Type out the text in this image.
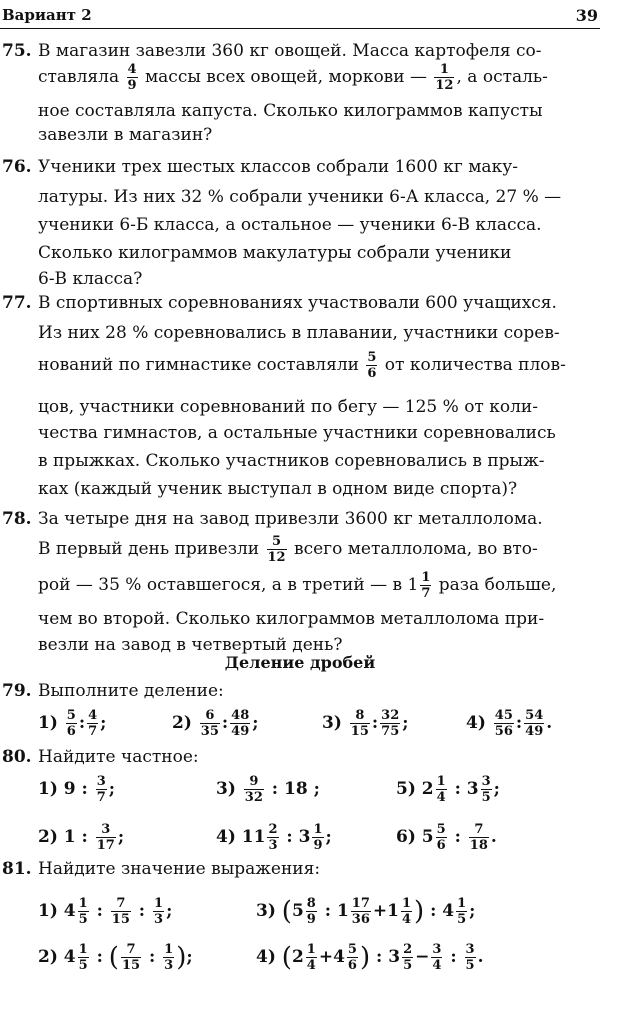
Вариант 2	39
75. В магазин завезли 360 кг овощей. Масса картофеля со-
ставляла $\frac{4}{9}$ массы всех овощей, моркови — $\frac{1}{12}$ , а осталь-
ное составляла капуста. Сколько килограммов капусты
завезли в магазин?
76. Ученики трех шестых классов собрали 1600 кг маку-
латуры. Из них 32 % собрали ученики 6-А класса, 27 % —
ученики 6-Б класса, а остальное — ученики 6-В класса.
Сколько килограммов макулатуры собрали ученики
6-В класса?
77. В спортивных соревнованиях участвовали 600 учащихся.
Из них 28 % соревновались в плавании, участники сорев-
нований по гимнастике составляли $\frac{5}{6}$ от количества плов-
цов, участники соревнований по бегу — 125 % от коли-
чества гимнастов, а остальные участники соревновались
в прыжках. Сколько участников соревновались в прыж-
ках (каждый ученик выступал в одном виде спорта)?
78. За четыре дня на завод привезли 3600 кг металлолома.
В первый день привезли $\frac{5}{12}$ всего металлолома, во вто-
рой — 35 % оставшегося, а в третий — в $1 \frac{1}{7}$ раза больше,
чем во второй. Сколько килограммов металлолома при-
везли на завод в четвертый день?
Деление дробей
79. Выполните деление:
$1) \frac{5}{6}$ : $\frac{4}{7}$ ;	$2) \frac{6}{35}$ : $\frac{48}{49}$ ;	$3) \frac{8}{15}$ : $\frac{32}{75}$ ;	$4) \frac{45}{56}$ : $\frac{54}{49}$ .
80. Найдите частное:
1) 9 : $\frac{3}{7}$ ;	$3) \frac{9}{32}$ : 18 ;	5) $2 \frac{1}{4}$ : $3 \frac{3}{5}$ ;
2) 1 : $\frac{3}{17}$ ;	4) $11 \frac{2}{3}$ : $3 \frac{1}{9}$ ;	6) $5 \frac{5}{6}$ : $\frac{7}{18}$ .
81. Найдите значение выражения:
1) $4 \frac{1}{5}$ : $\frac{7}{15}$ : $\frac{1}{3}$ ;	3) ($5 \frac{8}{9}$ : $1 \frac{17}{36} +1 \frac{1}{4}$ ) : $4 \frac{1}{5}$ ;
2) $4 \frac{1}{5}$ : ( $\frac{7}{15}$ : $\frac{1}{3}$ );	4) ($2 \frac{1}{4} +4 \frac{5}{6}$ ) : $3 \frac{2}{5} - \frac{3}{4}$ : $\frac{3}{5}$ .
